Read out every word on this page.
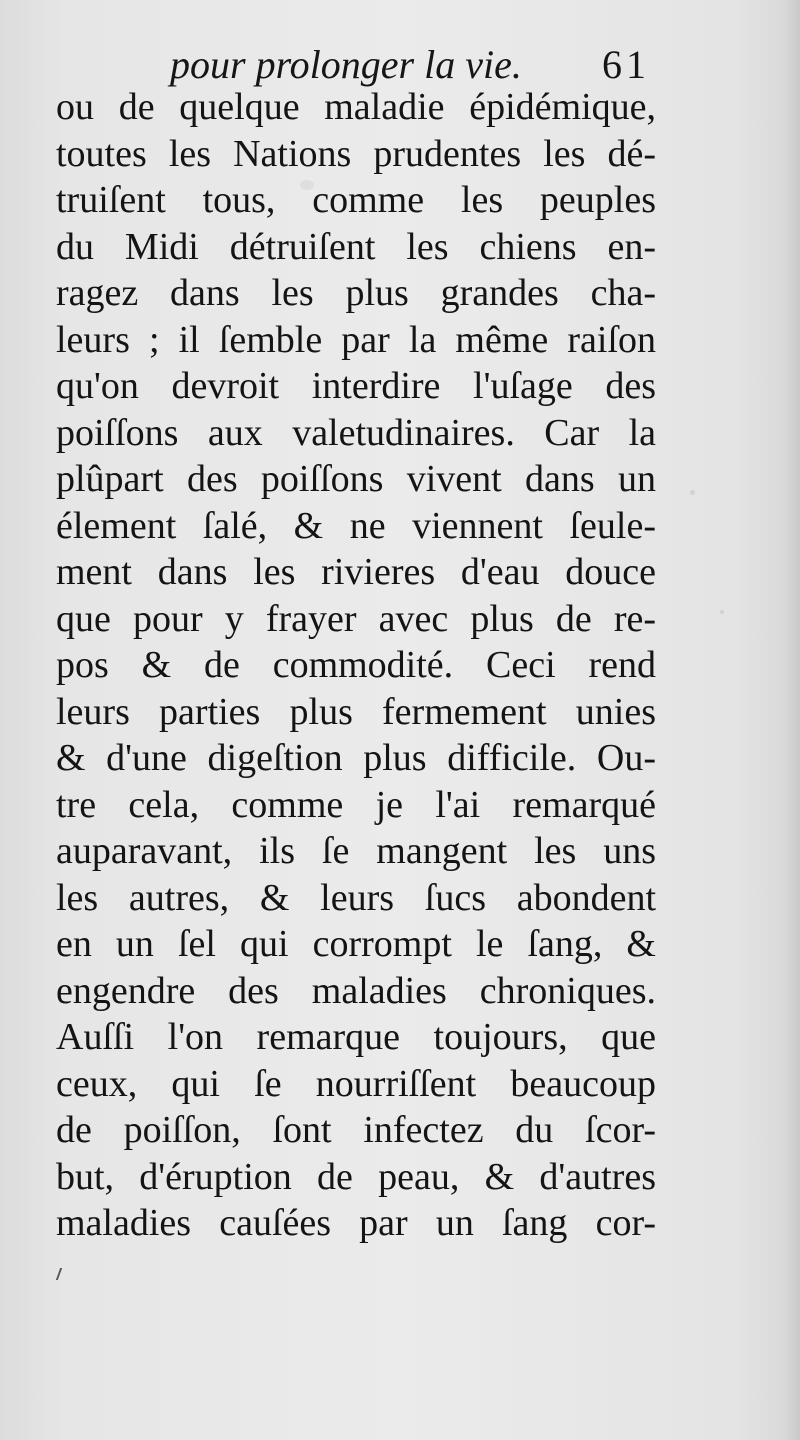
pour prolonger la vie. 61
ou de quelque maladie épidémique,
toutes les Nations prudentes les dé-
truiſent tous, comme les peuples
du Midi détruiſent les chiens en-
ragez dans les plus grandes cha-
leurs ; il ſemble par la même raiſon
qu'on devroit interdire l'uſage des
poiſſons aux valetudinaires. Car la
plûpart des poiſſons vivent dans un
élement ſalé, & ne viennent ſeule-
ment dans les rivieres d'eau douce
que pour y frayer avec plus de re-
pos & de commodité. Ceci rend
leurs parties plus fermement unies
& d'une digeſtion plus difficile. Ou-
tre cela, comme je l'ai remarqué
auparavant, ils ſe mangent les uns
les autres, & leurs ſucs abondent
en un ſel qui corrompt le ſang, &
engendre des maladies chroniques.
Auſſi l'on remarque toujours, que
ceux, qui ſe nourriſſent beaucoup
de poiſſon, ſont infectez du ſcor-
but, d'éruption de peau, & d'autres
maladies cauſées par un ſang cor-
